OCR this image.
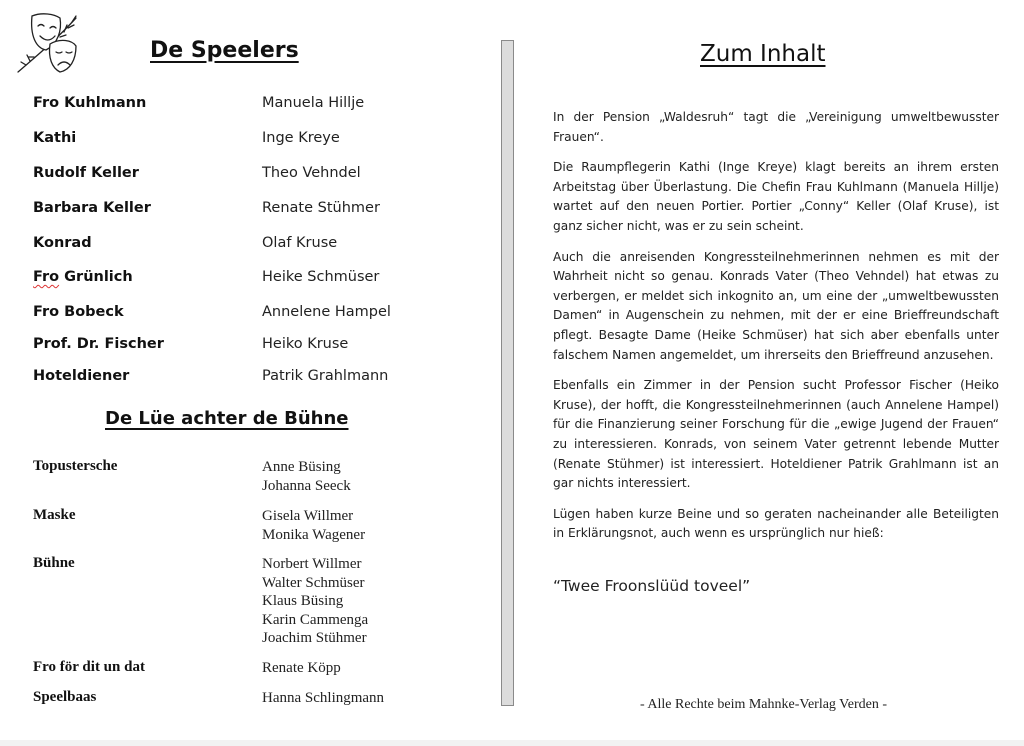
De Speelers
Fro Kuhlmann	Manuela Hillje
Kathi	Inge Kreye
Rudolf Keller	Theo Vehndel
Barbara Keller	Renate Stühmer
Konrad	Olaf Kruse
Fro Grünlich	Heike Schmüser
Fro Bobeck	Annelene Hampel
Prof. Dr. Fischer	Heiko Kruse
Hoteldiener	Patrik Grahlmann
De Lüe achter de Bühne
Topustersche	Anne Büsing
Johanna Seeck
Maske	Gisela Willmer
Monika Wagener
Bühne	Norbert Willmer
Walter Schmüser
Klaus Büsing
Karin Cammenga
Joachim Stühmer
Fro för dit un dat	Renate Köpp
Speelbaas	Hanna Schlingmann
Zum Inhalt

In der Pension „Waldesruh“ tagt die „Vereinigung umweltbewusster Frauen“.

Die Raumpflegerin Kathi (Inge Kreye) klagt bereits an ihrem ersten Arbeitstag über Überlastung. Die Chefin Frau Kuhlmann (Manuela Hillje) wartet auf den neuen Portier. Portier „Conny“ Keller (Olaf Kruse), ist ganz sicher nicht, was er zu sein scheint.

Auch die anreisenden Kongressteilnehmerinnen nehmen es mit der Wahrheit nicht so genau. Konrads Vater (Theo Vehndel) hat etwas zu verbergen, er meldet sich inkognito an, um eine der „umweltbewussten Damen“ in Augenschein zu nehmen, mit der er eine Brieffreundschaft pflegt. Besagte Dame (Heike Schmüser) hat sich aber ebenfalls unter falschem Namen angemeldet, um ihrerseits den Brieffreund anzusehen.

Ebenfalls ein Zimmer in der Pension sucht Professor Fischer (Heiko Kruse), der hofft, die Kongressteilnehmerinnen (auch Annelene Hampel) für die Finanzierung seiner Forschung für die „ewige Jugend der Frauen“ zu interessieren. Konrads, von seinem Vater getrennt lebende Mutter (Renate Stühmer) ist interessiert. Hoteldiener Patrik Grahlmann ist an gar nichts interessiert.

Lügen haben kurze Beine und so geraten nacheinander alle Beteiligten in Erklärungsnot, auch wenn es ursprünglich nur hieß:

“Twee Froonslüüd toveel”
- Alle Rechte beim Mahnke-Verlag Verden -
